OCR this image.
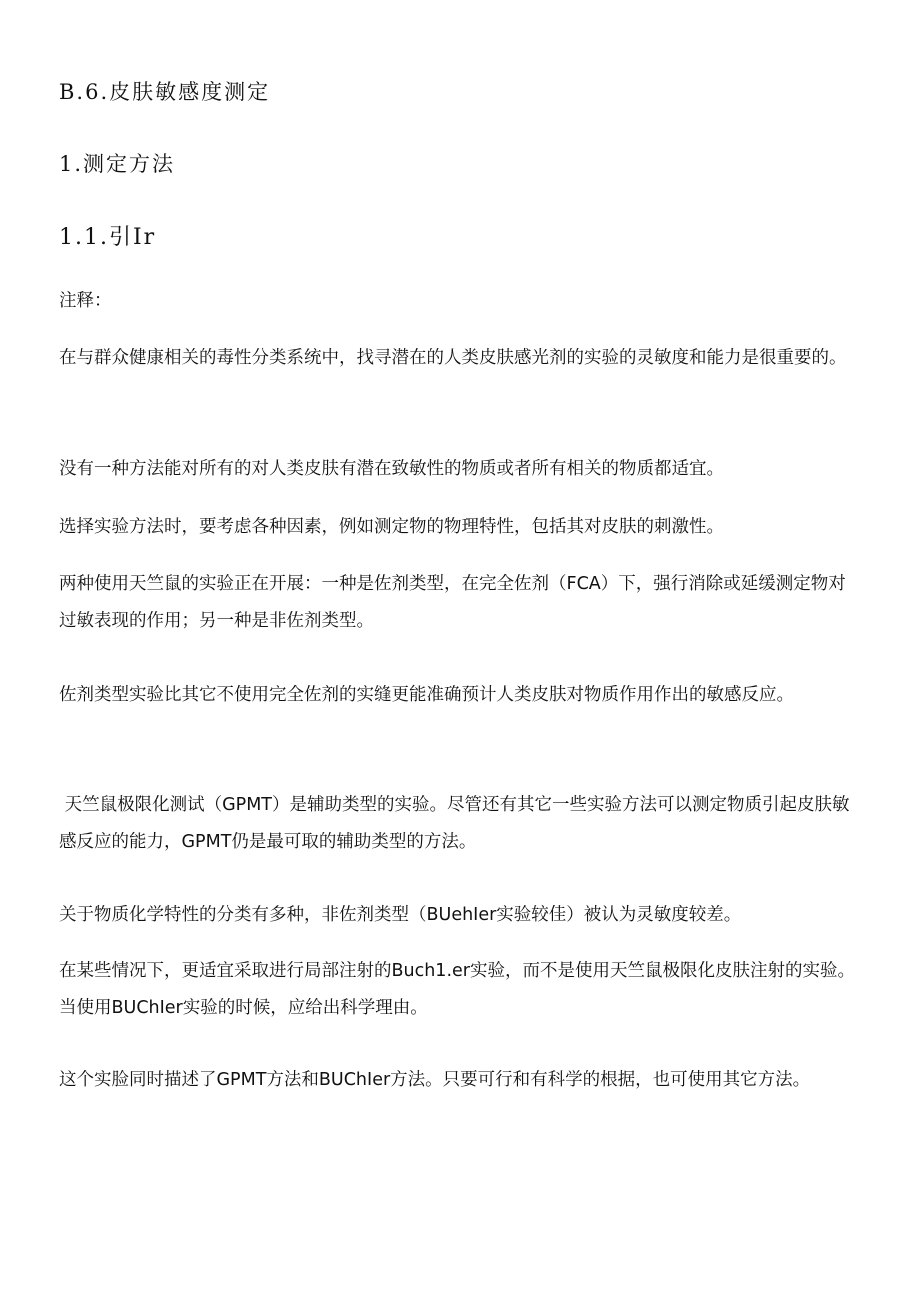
B.6.皮肤敏感度测定
1.测定方法
1.1.引Ir

注释：

在与群众健康相关的毒性分类系统中，找寻潜在的人类皮肤感光剂的实验的灵敏度和能力是很重要的。

没有一种方法能对所有的对人类皮肤有潜在致敏性的物质或者所有相关的物质都适宜。

选择实验方法时，要考虑各种因素，例如测定物的物理特性，包括其对皮肤的刺激性。

两种使用天竺鼠的实验正在开展：一种是佐剂类型，在完全佐剂（FCA）下，强行消除或延缓测定物对过敏表现的作用；另一种是非佐剂类型。

佐剂类型实验比其它不使用完全佐剂的实缝更能准确预计人类皮肤对物质作用作出的敏感反应。

天竺鼠极限化测试（GPMT）是辅助类型的实验。尽管还有其它一些实验方法可以测定物质引起皮肤敏感反应的能力，GPMT仍是最可取的辅助类型的方法。

关于物质化学特性的分类有多种，非佐剂类型（BUehIer实验较佳）被认为灵敏度较差。

在某些情况下，更适宜采取进行局部注射的Buch1.er实验，而不是使用天竺鼠极限化皮肤注射的实验。当使用BUChIer实验的时候，应给出科学理由。

这个实脸同时描述了GPMT方法和BUChIer方法。只要可行和有科学的根据，也可使用其它方法。
